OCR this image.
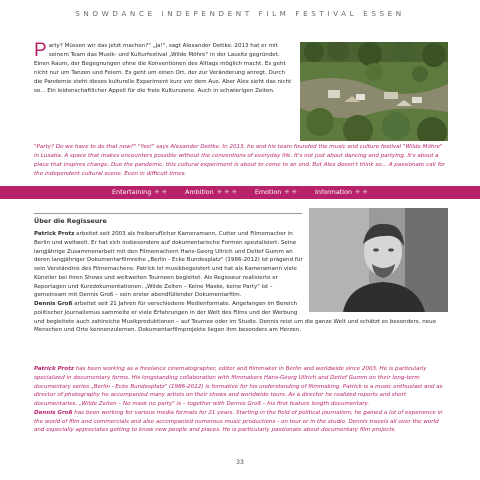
SNOWDANCE INDEPENDENT FILM FESTIVAL ESSEN
Party? Müssen wir das jetzt machen?" „Ja!", sagt Alexander Dettke. 2013 hat er mit seinem Team das Musik- und Kulturfestival „Wilde Möhre" in der Lausitz gegründet. Einen Raum, der Begegnungen ohne die Konventionen des Alltags möglich macht. Es geht nicht nur um Tanzen und Feiern. Es geht um einen Ort, der zur Veränderung anregt. Durch die Pandemie steht dieses kulturelle Experiment kurz vor dem Aus. Aber Alex sieht das nicht so... Ein leidenschaftlicher Appell für die freie Kulturszene. Auch in schwierigen Zeiten.
"Party? Do we have to do that now?" "Yes!" says Alexander Dettke. In 2013, he and his team founded the music and culture festival "Wilde Möhre" in Lusatia. A space that makes encounters possible without the conventions of everyday life. It's not just about dancing and partying. It's about a place that inspires change. Due the pandemic, this cultural experiment is about to come to an end. But Alex doesn't think so... A passionate call for the independent cultural scene. Even in difficult times.
Entertaining ✳ ✳	Ambition ✳ ✳ ✳	Emotion ✳ ✳	Information ✳ ✳
Über die Regisseure

Patrick Protz arbeitet seit 2003 als freiberuflicher Kameramann, Cutter und Filmemacher in Berlin und weltweit. Er hat sich insbesondere auf dokumentarische Formen spezialisiert. Seine langjährige Zusammenarbeit mit den Filmemachern Hans-Georg Ullrich und Detlef Gumm an deren langjähriger Dokumentarfilmreihe „Berlin - Ecke Bundesplatz" (1986-2012) ist prägend für sein Verständnis des Filmemachens. Patrick ist musikbegeistert und hat als Kameramann viele Künstler bei ihren Shows und weltweiten Tourneen begleitet. Als Regisseur realisierte er Reportagen und Kurzdokumentationen. „Wilde Zeiten – Keine Maske, keine Party" ist – gemeinsam mit Dennis Groß – sein erster abendfüllender Dokumentarfilm.

Dennis Groß arbeitet seit 21 Jahren für verschiedene Medienformate. Angefangen im Bereich politischer Journalismus sammelte er viele Erfahrungen in der Welt des Films und der Werbung und begleitete auch zahlreiche Musikproduktionen – auf Tournee oder im Studio. Dennis reist um die ganze Welt und schätzt es besonders, neue Menschen und Orte kennenzulernen. Dokumentarfilmprojekte liegen ihm besonders am Herzen.

Patrick Protz has been working as a freelance cinematographer, editor and filmmaker in Berlin and worldwide since 2003. He is particularly specialized in documentary forms. His longstanding collaboration with filmmakers Hans-Georg Ullrich and Detlef Gumm on their long-term documentary series „Berlin - Ecke Bundesplatz" (1986-2012) is formative for his understanding of filmmaking. Patrick is a music enthusiast and as director of photography he accompanied many artists on their shows and worldwide tours. As a director he realized reports and short documentaries. „Wilde Zeiten – No mask no party" is – together with Dennis Groß – his first feature length documentary.

Dennis Groß has been working for various media formats for 21 years. Starting in the field of political journalism, he gained a lot of experience in the world of film and commercials and also accompanied numerous music productions - on tour or in the studio. Dennis travels all over the world and especially appreciates getting to know new people and places. He is particularly passionate about documentary film projects.

33
